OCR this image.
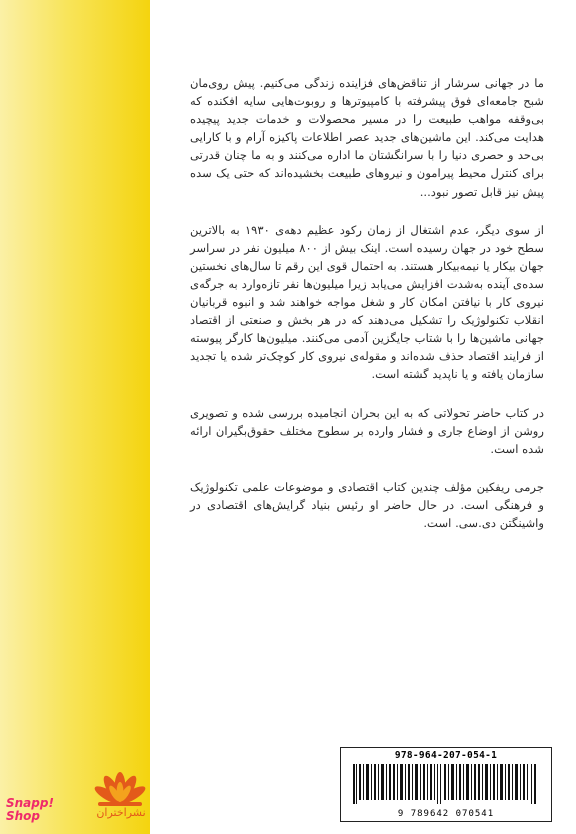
ما در جهانی سرشار از تناقض‌های فزاینده زندگی می‌کنیم. پیش روی‌مان شبح جامعه‌ای فوق پیشرفته با کامپیوترها و روبوت‌هایی سایه افکنده که بی‌وقفه مواهب طبیعت را در مسیر محصولات و خدمات جدید پیچیده هدایت می‌کند. این ماشین‌های جدید عصر اطلاعات پاکیزه آرام و با کارایی بی‌حد و حصری دنیا را با سرانگشتان ما اداره می‌کنند و به ما چنان قدرتی برای کنترل محیط پیرامون و نیروهای طبیعت بخشیده‌اند که حتی یک سده پیش نیز قابل تصور نبود...

از سوی دیگر، عدم اشتغال از زمان رکود عظیم دهه‌ی ۱۹۳۰ به بالاترین سطح خود در جهان رسیده است. اینک بیش از ۸۰۰ میلیون نفر در سراسر جهان بیکار یا نیمه‌بیکار هستند. به احتمال قوی این رقم تا سال‌های نخستین سده‌ی آینده به‌شدت افزایش می‌یابد زیرا میلیون‌ها نفر تازه‌وارد به جرگه‌ی نیروی کار با نیافتن امکان کار و شغل مواجه خواهند شد و انبوه قربانیان انقلاب تکنولوژیک را تشکیل می‌دهند که در هر بخش و صنعتی از اقتصاد جهانی ماشین‌ها را با شتاب جایگزین آدمی می‌کنند. میلیون‌ها کارگر پیوسته از فرایند اقتصاد حذف شده‌اند و مقوله‌ی نیروی کار کوچک‌تر شده یا تجدید سازمان یافته و یا ناپدید گشته است.

در کتاب حاضر تحولاتی که به این بحران انجامیده بررسی شده و تصویری روشن از اوضاع جاری و فشار وارده بر سطوح مختلف حقوق‌بگیران ارائه شده است.

جرمی ریفکین مؤلف چندین کتاب اقتصادی و موضوعات علمی تکنولوژیک و فرهنگی است. در حال حاضر او رئیس بنیاد گرایش‌های اقتصادی در واشینگتن دی.سی. است.

978-964-207-054-1
9 789642 070541
نشراختران
Snapp!
Shop
